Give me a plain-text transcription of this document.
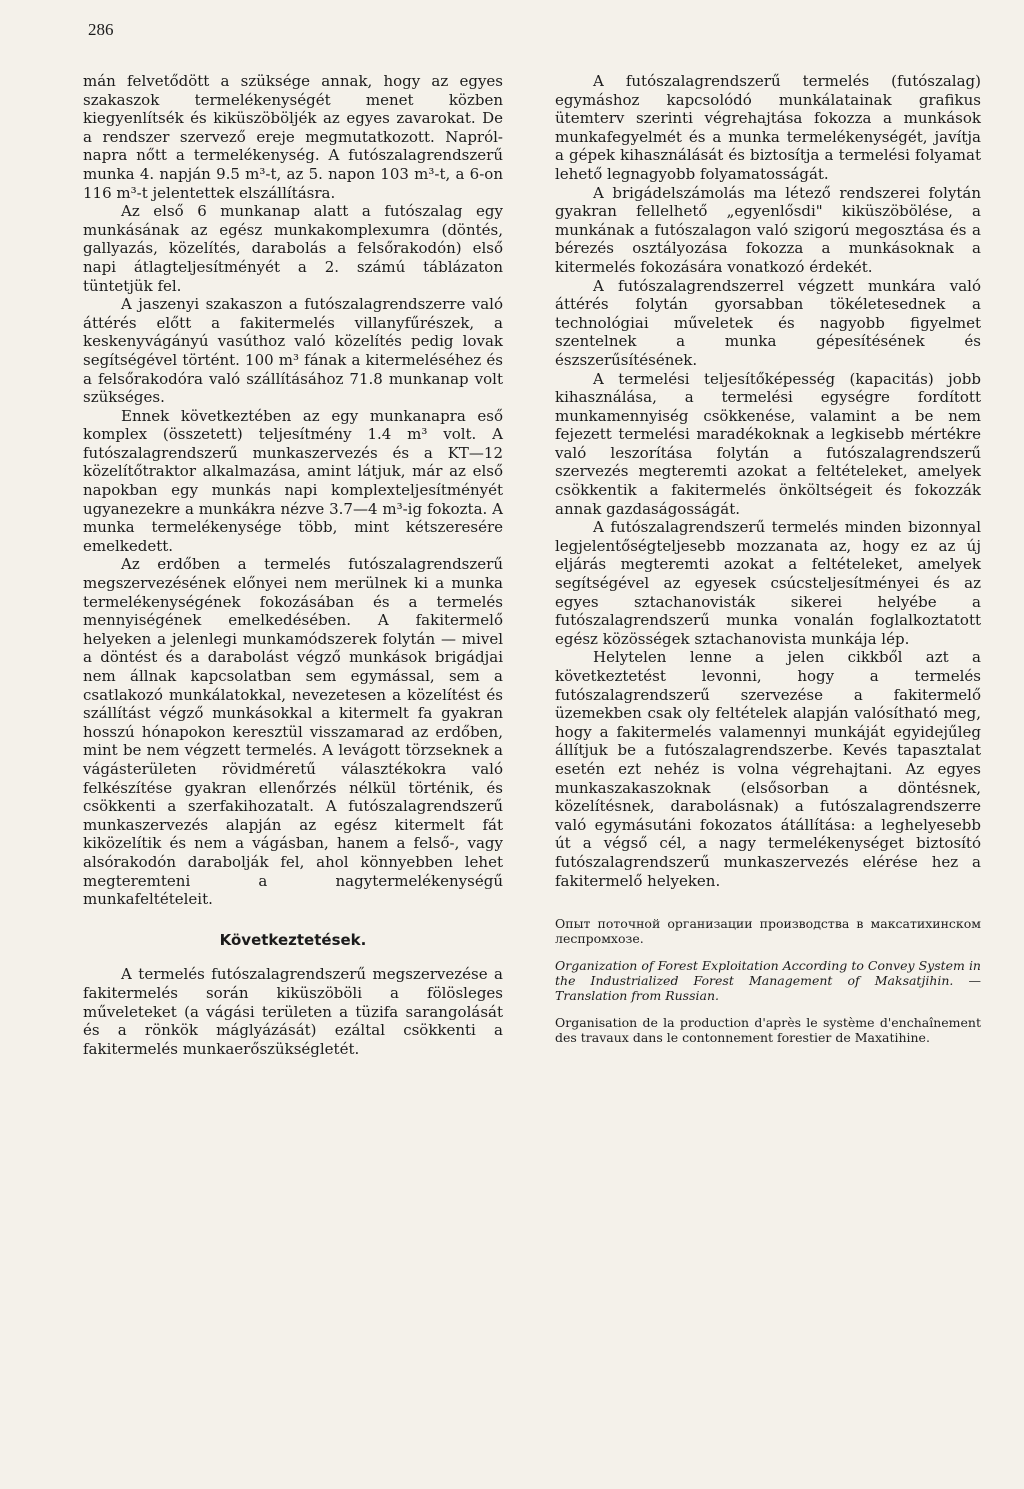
286

mán felvetődött a szüksége annak, hogy az egyes szakaszok termelékenységét menet közben kiegyenlítsék és kiküszöböljék az egyes zavarokat. De a rendszer szervező ereje megmutatkozott. Napról-napra nőtt a termelékenység. A futószalagrendszerű munka 4. napján 9.5 m³-t, az 5. napon 103 m³-t, a 6-on 116 m³-t jelentettek elszállításra.

Az első 6 munkanap alatt a futószalag egy munkásának az egész munkakomplexumra (döntés, gallyazás, közelítés, darabolás a felsőrakodón) első napi átlagteljesítményét a 2. számú táblázaton tüntetjük fel.

A jaszenyi szakaszon a futószalagrendszerre való áttérés előtt a fakitermelés villanyfűrészek, a keskenyvágányú vasúthoz való közelítés pedig lovak segítségével történt. 100 m³ fának a kitermeléséhez és a felsőrakodóra való szállításához 71.8 munkanap volt szükséges.

Ennek következtében az egy munkanapra eső komplex (összetett) teljesítmény 1.4 m³ volt. A futószalagrendszerű munkaszervezés és a KT—12 közelítőtraktor alkalmazása, amint látjuk, már az első napokban egy munkás napi komplexteljesítményét ugyanezekre a munkákra nézve 3.7—4 m³-ig fokozta. A munka termelékenysége több, mint kétszeresére emelkedett.

Az erdőben a termelés futószalagrendszerű megszervezésének előnyei nem merülnek ki a munka termelékenységének fokozásában és a termelés mennyiségének emelkedésében. A fakitermelő helyeken a jelenlegi munkamódszerek folytán — mivel a döntést és a darabolást végző munkások brigádjai nem állnak kapcsolatban sem egymással, sem a csatlakozó munkálatokkal, nevezetesen a közelítést és szállítást végző munkásokkal a kitermelt fa gyakran hosszú hónapokon keresztül visszamarad az erdőben, mint be nem végzett termelés. A levágott törzseknek a vágásterületen rövidméretű választékokra való felkészítése gyakran ellenőrzés nélkül történik, és csökkenti a szerfakihozatalt. A futószalagrendszerű munkaszervezés alapján az egész kitermelt fát kiközelítik és nem a vágásban, hanem a felső-, vagy alsórakodón darabolják fel, ahol könnyebben lehet megteremteni a nagytermelékenységű munkafeltételeit.

Következtetések.

A termelés futószalagrendszerű megszervezése a fakitermelés során kiküszöböli a fölösleges műveleteket (a vágási területen a tüzifa sarangolását és a rönkök máglyázását) ezáltal csökkenti a fakitermelés munkaerőszükségletét.

A futószalagrendszerű termelés (futószalag) egymáshoz kapcsolódó munkálatainak grafikus ütemterv szerinti végrehajtása fokozza a munkások munkafegyelmét és a munka termelékenységét, javítja a gépek kihasználását és biztosítja a termelési folyamat lehető legnagyobb folyamatosságát.

A brigádelszámolás ma létező rendszerei folytán gyakran fellelhető „egyenlősdi" kiküszöbölése, a munkának a futószalagon való szigorú megosztása és a bérezés osztályozása fokozza a munkásoknak a kitermelés fokozására vonatkozó érdekét.

A futószalagrendszerrel végzett munkára való áttérés folytán gyorsabban tökéletesednek a technológiai műveletek és nagyobb figyelmet szentelnek a munka gépesítésének és észszerűsítésének.

A termelési teljesítőképesség (kapacitás) jobb kihasználása, a termelési egységre fordított munkamennyiség csökkenése, valamint a be nem fejezett termelési maradékoknak a legkisebb mértékre való leszorítása folytán a futószalagrendszerű szervezés megteremti azokat a feltételeket, amelyek csökkentik a fakitermelés önköltségeit és fokozzák annak gazdaságosságát.

A futószalagrendszerű termelés minden bizonnyal legjelentőségteljesebb mozzanata az, hogy ez az új eljárás megteremti azokat a feltételeket, amelyek segítségével az egyesek csúcsteljesítményei és az egyes sztachanovisták sikerei helyébe a futószalagrendszerű munka vonalán foglalkoztatott egész közösségek sztachanovista munkája lép.

Helytelen lenne a jelen cikkből azt a következtetést levonni, hogy a termelés futószalagrendszerű szervezése a fakitermelő üzemekben csak oly feltételek alapján valósítható meg, hogy a fakitermelés valamennyi munkáját egyidejűleg állítjuk be a futószalagrendszerbe. Kevés tapasztalat esetén ezt nehéz is volna végrehajtani. Az egyes munkaszakaszoknak (elsősorban a döntésnek, közelítésnek, darabolásnak) a futószalagrendszerre való egymásutáni fokozatos átállítása: a leghelyesebb út a végső cél, a nagy termelékenységet biztosító futószalagrendszerű munkaszervezés elérése hez a fakitermelő helyeken.

Опыт поточной организации производства в максатихинском леспромхозе.

Organization of Forest Exploitation According to Convey System in the Industrialized Forest Management of Maksatjihin. — Translation from Russian.

Organisation de la production d'après le système d'enchaînement des travaux dans le contonnement forestier de Maxatihine.
